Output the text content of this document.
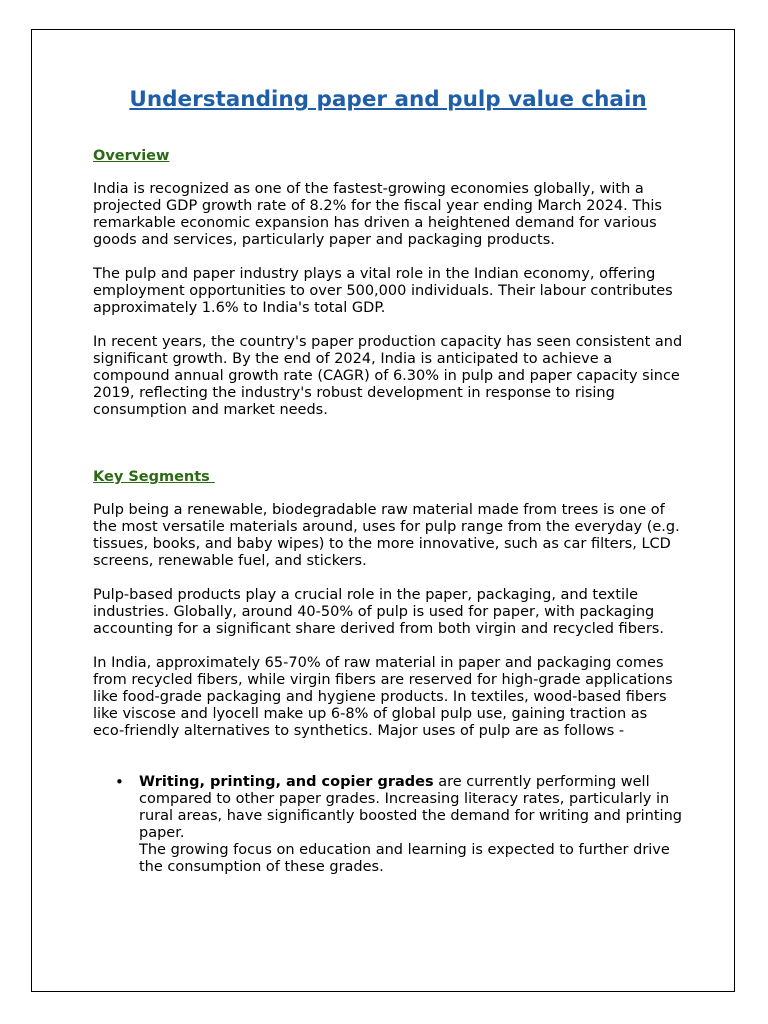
Understanding paper and pulp value chain
Overview

India is recognized as one of the fastest-growing economies globally, with a projected GDP growth rate of 8.2% for the fiscal year ending March 2024. This remarkable economic expansion has driven a heightened demand for various goods and services, particularly paper and packaging products.

The pulp and paper industry plays a vital role in the Indian economy, offering employment opportunities to over 500,000 individuals. Their labour contributes approximately 1.6% to India's total GDP.

In recent years, the country's paper production capacity has seen consistent and significant growth. By the end of 2024, India is anticipated to achieve a compound annual growth rate (CAGR) of 6.30% in pulp and paper capacity since 2019, reflecting the industry's robust development in response to rising consumption and market needs.

Key Segments

Pulp being a renewable, biodegradable raw material made from trees is one of the most versatile materials around, uses for pulp range from the everyday (e.g. tissues, books, and baby wipes) to the more innovative, such as car filters, LCD screens, renewable fuel, and stickers.

Pulp-based products play a crucial role in the paper, packaging, and textile industries. Globally, around 40-50% of pulp is used for paper, with packaging accounting for a significant share derived from both virgin and recycled fibers.

In India, approximately 65-70% of raw material in paper and packaging comes from recycled fibers, while virgin fibers are reserved for high-grade applications like food-grade packaging and hygiene products. In textiles, wood-based fibers like viscose and lyocell make up 6-8% of global pulp use, gaining traction as eco-friendly alternatives to synthetics. Major uses of pulp are as follows -

• Writing, printing, and copier grades are currently performing well compared to other paper grades. Increasing literacy rates, particularly in rural areas, have significantly boosted the demand for writing and printing paper.
The growing focus on education and learning is expected to further drive the consumption of these grades.
